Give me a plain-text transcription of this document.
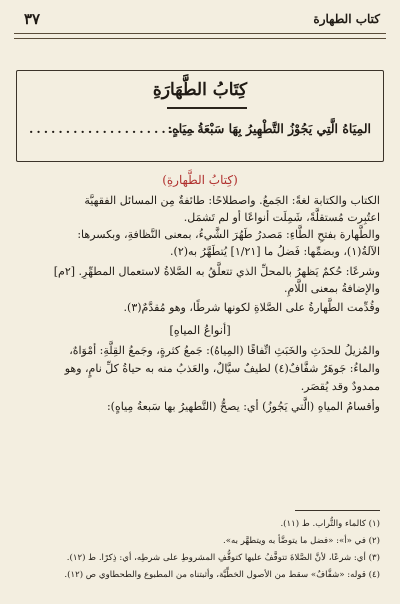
كتاب الطهارة
٣٧
كِتَابُ الطَّهَارَةِ
المِيَاهُ الَّتِي يَجُوْزُ التَّطْهِيرُ بِهَا سَبْعَةُ مِيَاهٍ:
.......................
(كِتابُ الطَّهارةِ)
الكتاب والكتابة لغةً: الجَمعُ. واصطلاحًا: طائفةٌ مِن المسائل الفقهيَّة
اعتُبِرت مُستقلَّةً، شَمِلَت أنواعًا أو لم تَشمَل.
والطَّهارة بفتحِ الطَّاءِ: مَصدرُ طَهُرَ الشَّيءُ، بمعنى النَّظافةِ، وبكسرها:
الآلةُ(١)، وبضمِّها: فَضلُ ما [١/٢١] يُتطَهَّرُ به(٢).
وشرعًا: حُكمٌ يَظهرُ بالمحلِّ الذي تتعلَّقُ به الصَّلاةُ لاستعمال المطهِّرِ. [٢م]
والإضافةُ بمعنى اللَّامِ.
وقُدِّمت الطَّهارةُ على الصَّلاةِ لكونها شرطًا، وهو مُقدَّمٌ(٣).
[أنواعُ المياهِ]
والمُزيلُ للحدَثِ والخَبَثِ اتِّفاقًا (المِياهُ): جَمعُ كثرةٍ، وجَمعُ القِلَّةِ: أمْوَاهٌ،
والماءُ: جَوهَرٌ شفَّافٌ(٤) لطيفٌ سيَّالٌ، والعَذبُ منه به حياةُ كلِّ نامٍ، وهو
ممدودٌ وقد يُقصَر.
وأقسامُ المياهِ (الَّتي يَجُوزُ) أي: يصحُّ (التَّطهيرُ بها سَبعةُ مِياهٍ):
(١) كالماء والتُّراب. ط (١١).
(٢) في «أ»: «فضل ما يتوضَّأ به ويتطهَّر به».
(٣) أي: شرعًا، لأنَّ الصَّلاةَ تتوقَّفُ عليها كتوقُّفِ المشروطِ على شرطِه، أي: ذِكرًا. ط (١٢).
(٤) قوله: «شفَّافٌ» سقط من الأصول الخطِّيَّة، وأثبتناه من المطبوع والطحطاوي ص (١٢).
